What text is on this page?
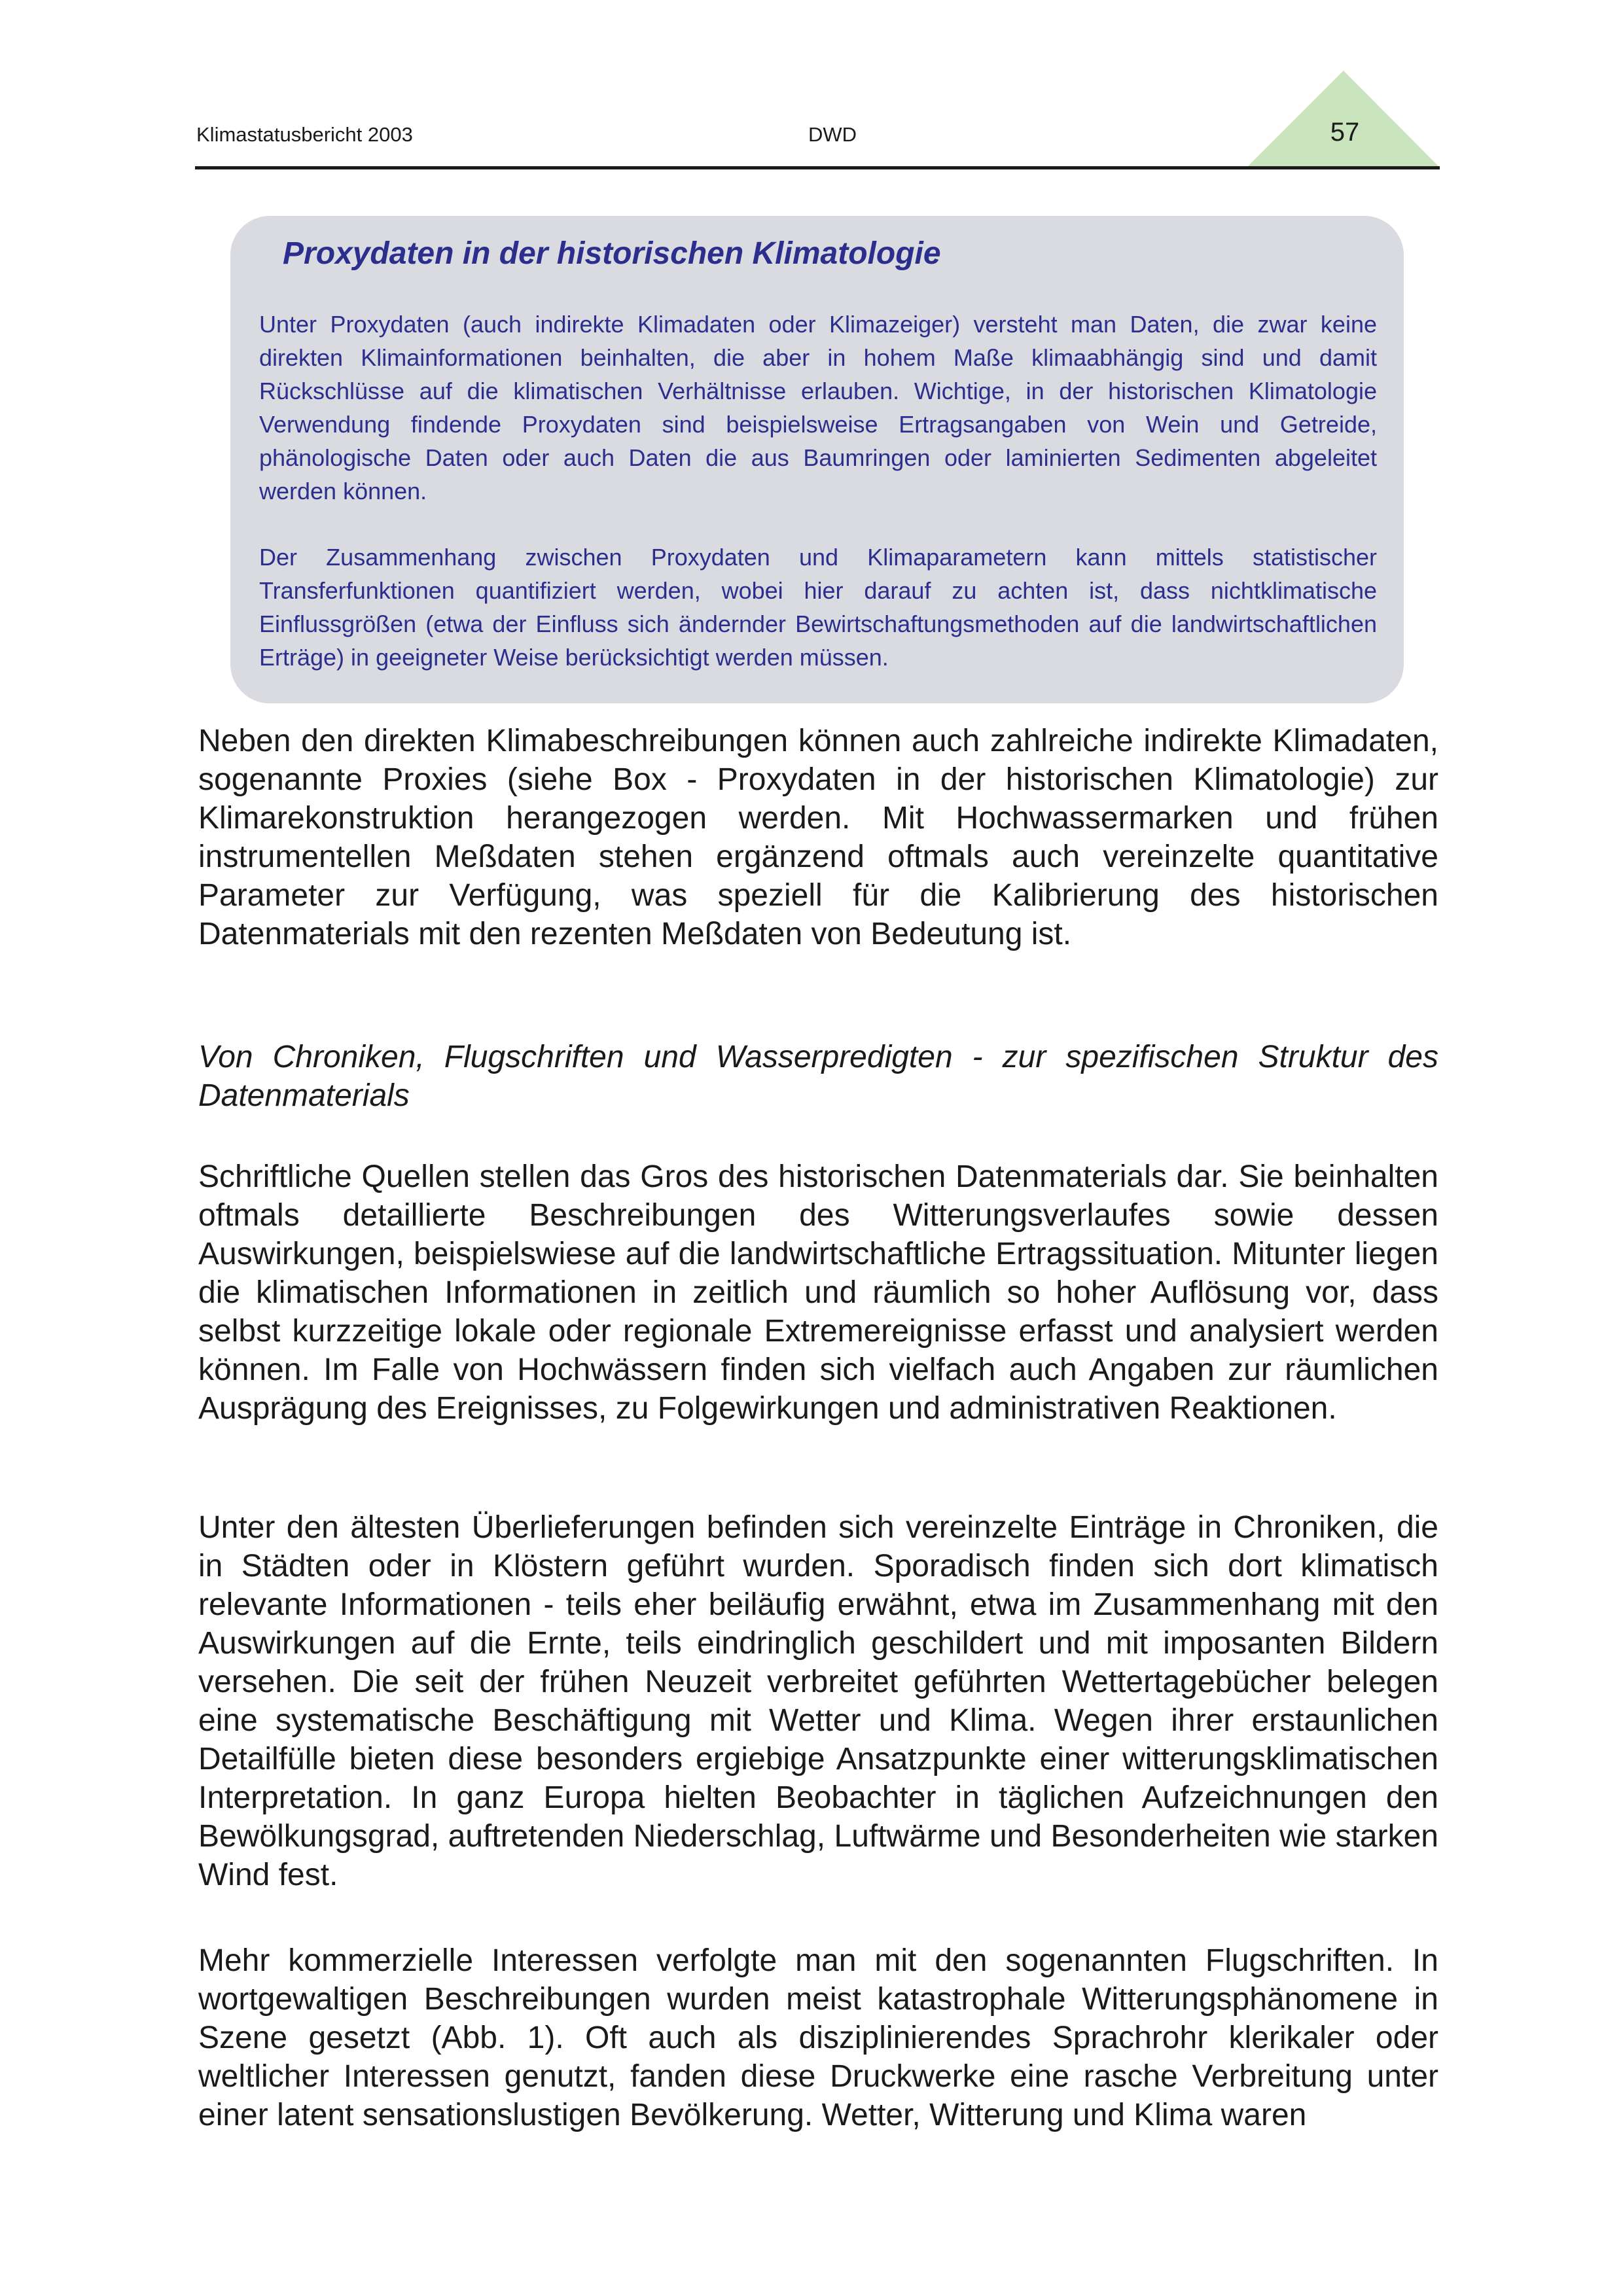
Klimastatusbericht 2003	DWD	57
Proxydaten in der historischen Klimatologie
Unter Proxydaten (auch indirekte Klimadaten oder Klimazeiger) versteht man Daten, die zwar keine direkten Klimainformationen beinhalten, die aber in hohem Maße klimaabhängig sind und damit Rückschlüsse auf die klimatischen Verhältnisse erlauben. Wichtige, in der historischen Klimatologie Verwendung findende Proxydaten sind beispielsweise Ertragsangaben von Wein und Getreide, phänologische Daten oder auch Daten die aus Baumringen oder laminierten Sedimenten abgeleitet werden können.
Der Zusammenhang zwischen Proxydaten und Klimaparametern kann mittels statistischer Transferfunktionen quantifiziert werden, wobei hier darauf zu achten ist, dass nichtklimatische Einflussgrößen (etwa der Einfluss sich ändernder Bewirtschaftungsmethoden auf die landwirtschaftlichen Erträge) in geeigneter Weise berücksichtigt werden müssen.
Neben den direkten Klimabeschreibungen können auch zahlreiche indirekte Klimadaten, sogenannte Proxies (siehe Box - Proxydaten in der historischen Klimatologie) zur Klimarekonstruktion herangezogen werden. Mit Hochwassermarken und frühen instrumentellen Meßdaten stehen ergänzend oftmals auch vereinzelte quantitative Parameter zur Verfügung, was speziell für die Kalibrierung des historischen Datenmaterials mit den rezenten Meßdaten von Bedeutung ist.
Von Chroniken, Flugschriften und Wasserpredigten - zur spezifischen Struktur des Datenmaterials
Schriftliche Quellen stellen das Gros des historischen Datenmaterials dar. Sie beinhalten oftmals detaillierte Beschreibungen des Witterungsverlaufes sowie dessen Auswirkungen, beispielswiese auf die landwirtschaftliche Ertragssituation. Mitunter liegen die klimatischen Informationen in zeitlich und räumlich so hoher Auflösung vor, dass selbst kurzzeitige lokale oder regionale Extremereignisse erfasst und analysiert werden können. Im Falle von Hochwässern finden sich vielfach auch Angaben zur räumlichen Ausprägung des Ereignisses, zu Folgewirkungen und administrativen Reaktionen.
Unter den ältesten Überlieferungen befinden sich vereinzelte Einträge in Chroniken, die in Städten oder in Klöstern geführt wurden. Sporadisch finden sich dort klimatisch relevante Informationen - teils eher beiläufig erwähnt, etwa im Zusammenhang mit den Auswirkungen auf die Ernte, teils eindringlich geschildert und mit imposanten Bildern versehen. Die seit der frühen Neuzeit verbreitet geführten Wettertagebücher belegen eine systematische Beschäftigung mit Wetter und Klima. Wegen ihrer erstaunlichen Detailfülle bieten diese besonders ergiebige Ansatzpunkte einer witterungsklimatischen Interpretation. In ganz Europa hielten Beobachter in täglichen Aufzeichnungen den Bewölkungsgrad, auftretenden Niederschlag, Luftwärme und Besonderheiten wie starken Wind fest.
Mehr kommerzielle Interessen verfolgte man mit den sogenannten Flugschriften. In wortgewaltigen Beschreibungen wurden meist katastrophale Witterungsphänomene in Szene gesetzt (Abb. 1). Oft auch als disziplinierendes Sprachrohr klerikaler oder weltlicher Interessen genutzt, fanden diese Druckwerke eine rasche Verbreitung unter einer latent sensationslustigen Bevölkerung. Wetter, Witterung und Klima waren
